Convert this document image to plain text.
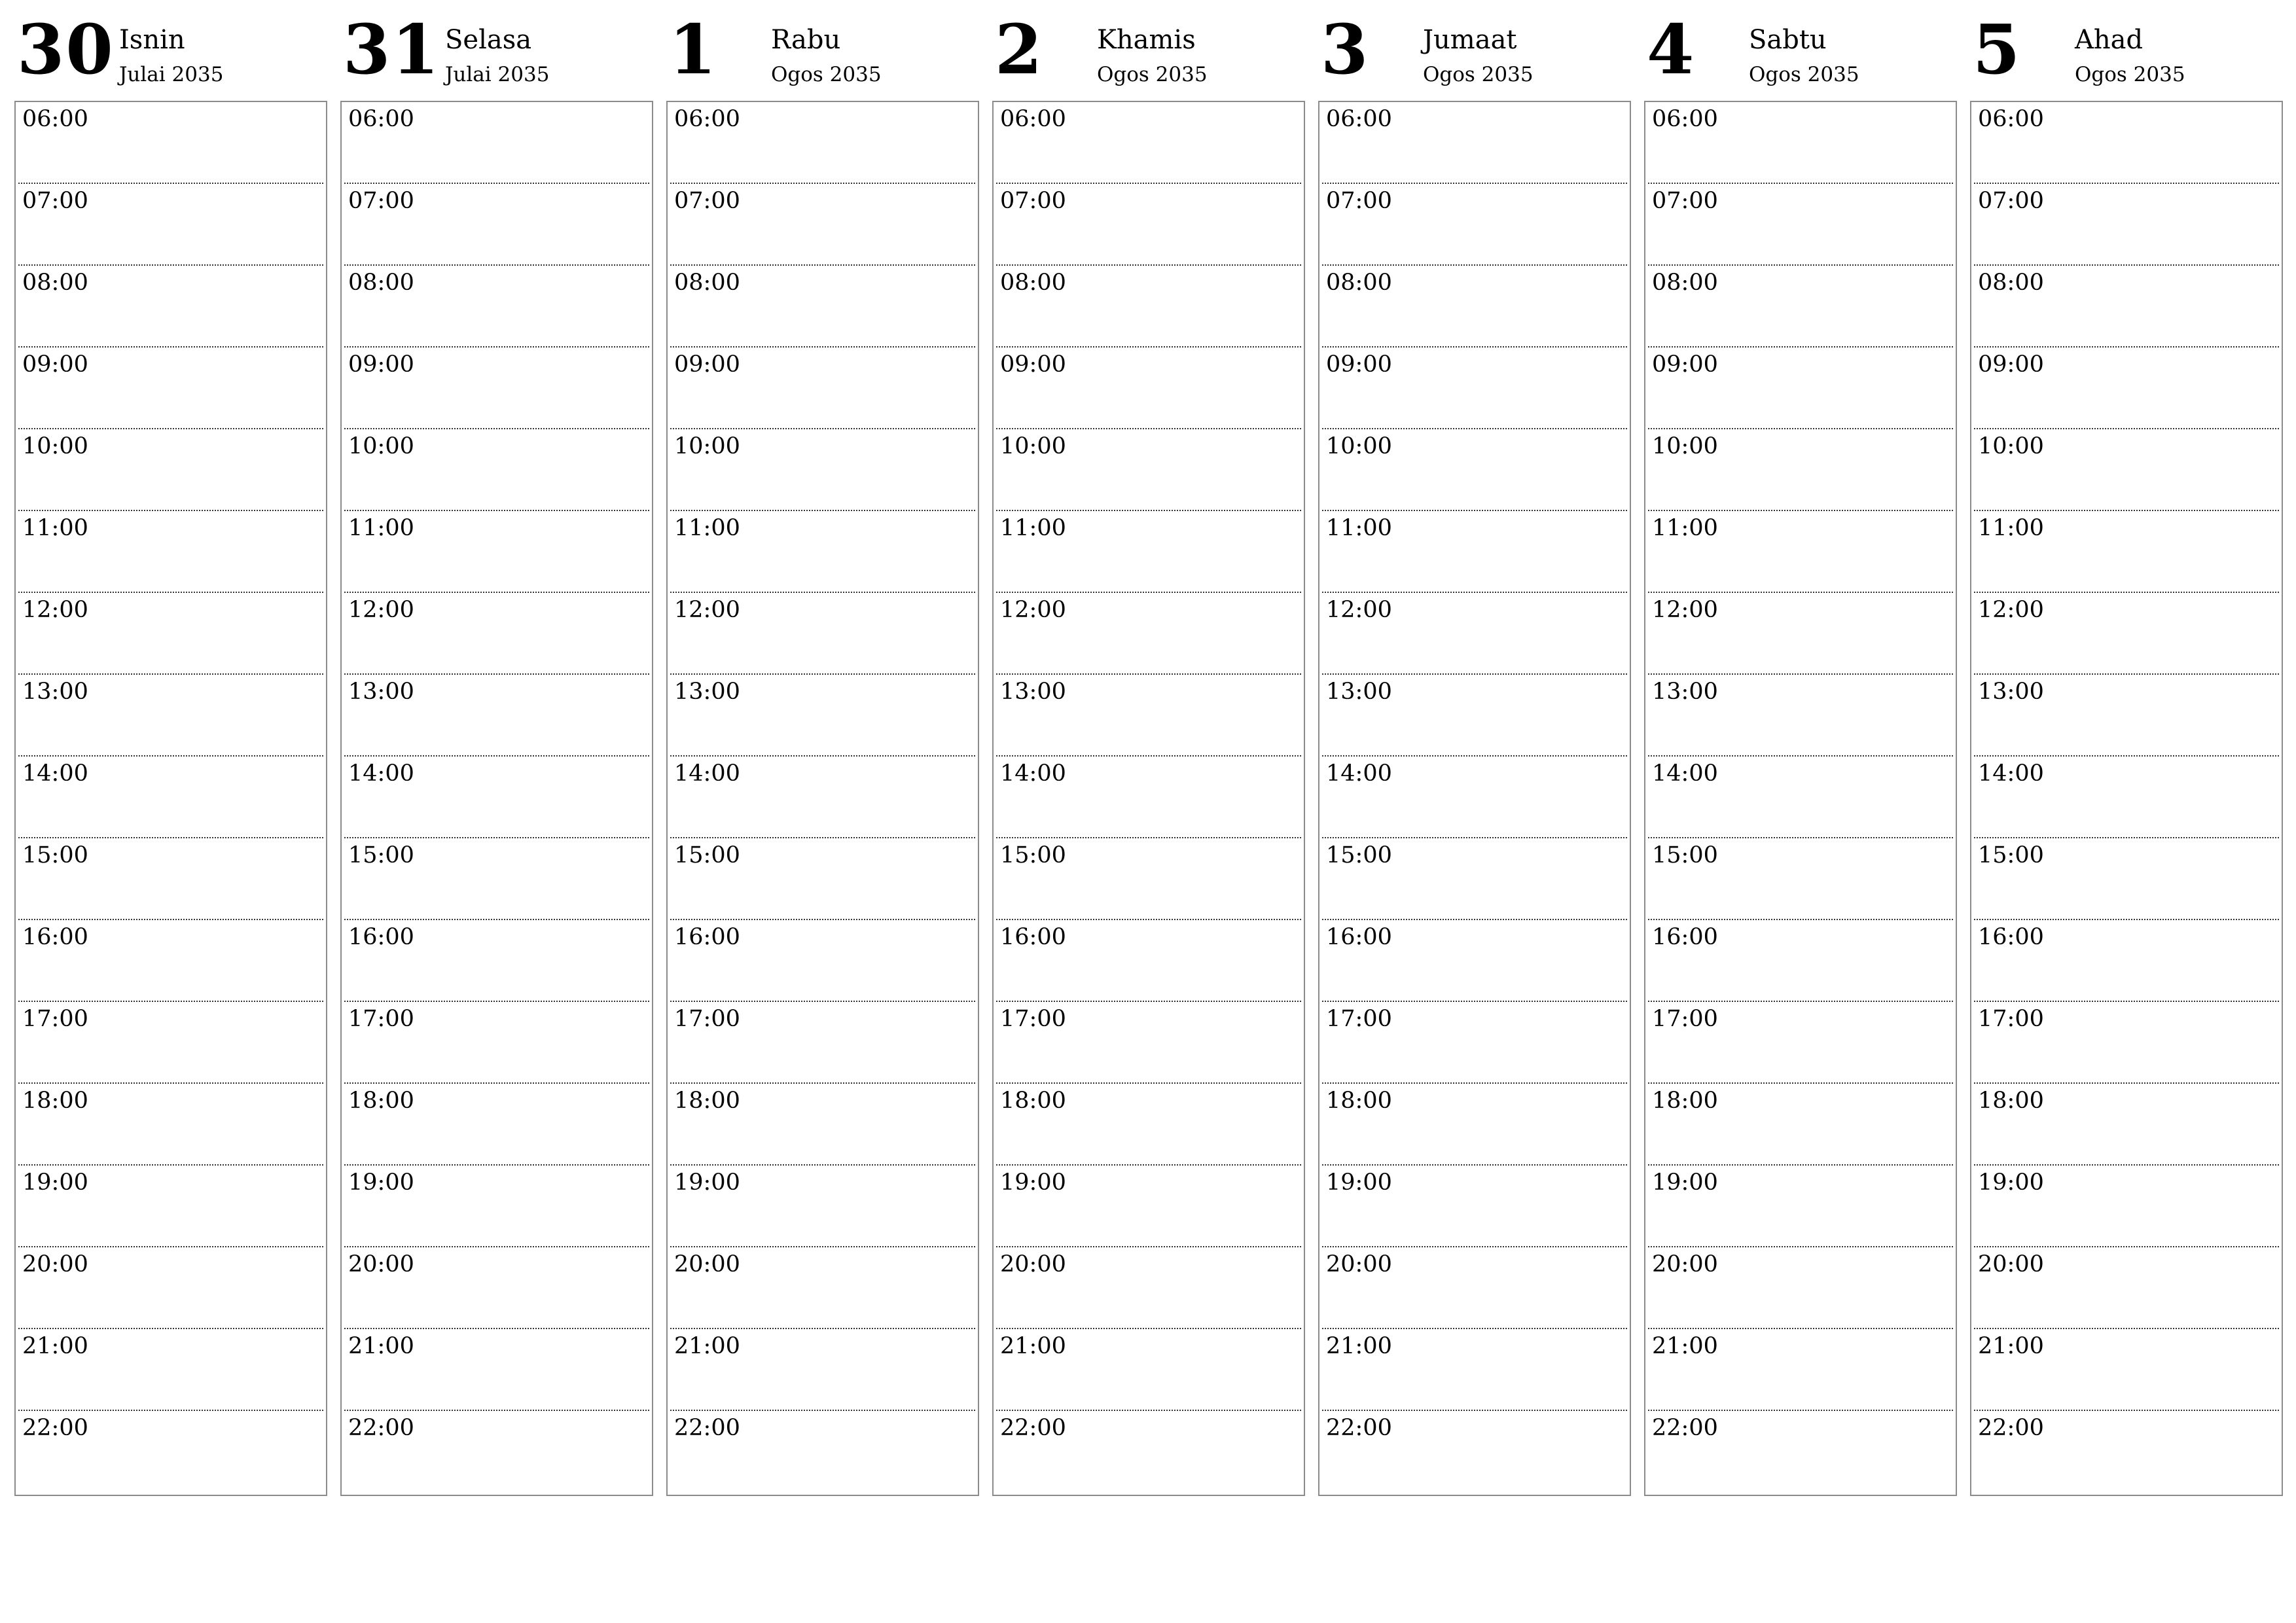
30 Isnin
Julai 2035
06:00
07:00
08:00
09:00
10:00
11:00
12:00
13:00
14:00
15:00
16:00
17:00
18:00
19:00
20:00
21:00
22:00
31 Selasa
Julai 2035
06:00
07:00
08:00
09:00
10:00
11:00
12:00
13:00
14:00
15:00
16:00
17:00
18:00
19:00
20:00
21:00
22:00
1 Rabu
Ogos 2035
06:00
07:00
08:00
09:00
10:00
11:00
12:00
13:00
14:00
15:00
16:00
17:00
18:00
19:00
20:00
21:00
22:00
2 Khamis
Ogos 2035
06:00
07:00
08:00
09:00
10:00
11:00
12:00
13:00
14:00
15:00
16:00
17:00
18:00
19:00
20:00
21:00
22:00
3 Jumaat
Ogos 2035
06:00
07:00
08:00
09:00
10:00
11:00
12:00
13:00
14:00
15:00
16:00
17:00
18:00
19:00
20:00
21:00
22:00
4 Sabtu
Ogos 2035
06:00
07:00
08:00
09:00
10:00
11:00
12:00
13:00
14:00
15:00
16:00
17:00
18:00
19:00
20:00
21:00
22:00
5 Ahad
Ogos 2035
06:00
07:00
08:00
09:00
10:00
11:00
12:00
13:00
14:00
15:00
16:00
17:00
18:00
19:00
20:00
21:00
22:00
